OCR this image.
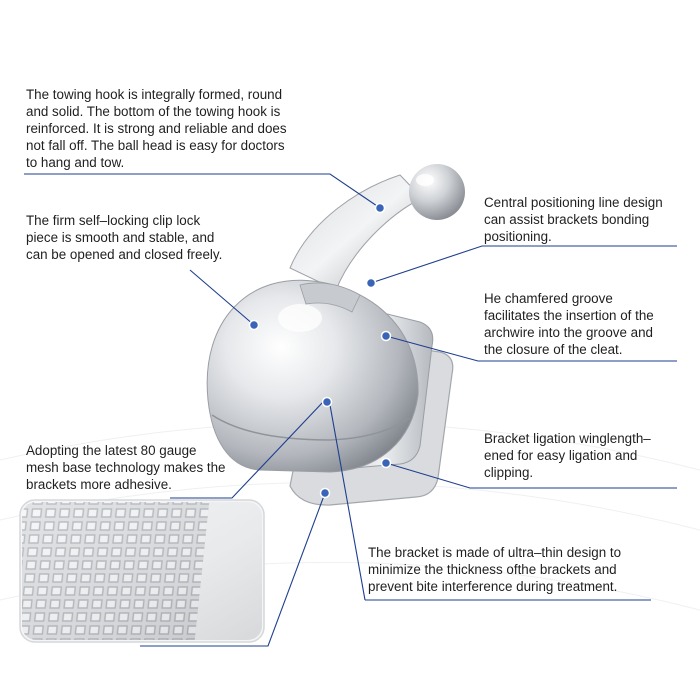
The towing hook is integrally formed, round
and solid. The bottom of the towing hook is
reinforced. It is strong and reliable and does
not fall off. The ball head is easy for doctors
to hang and tow.
The firm self–locking clip lock
piece is smooth and stable, and
can be opened and closed freely.
Adopting the latest 80 gauge
mesh base technology makes the
brackets more adhesive.
Central positioning line design
can assist brackets bonding
positioning.
He chamfered groove
facilitates the insertion of the
archwire into the groove and
the closure of the cleat.
Bracket ligation winglength–
ened for easy ligation and
clipping.
The bracket is made of ultra–thin design to
minimize the thickness ofthe brackets and
prevent bite interference during treatment.
